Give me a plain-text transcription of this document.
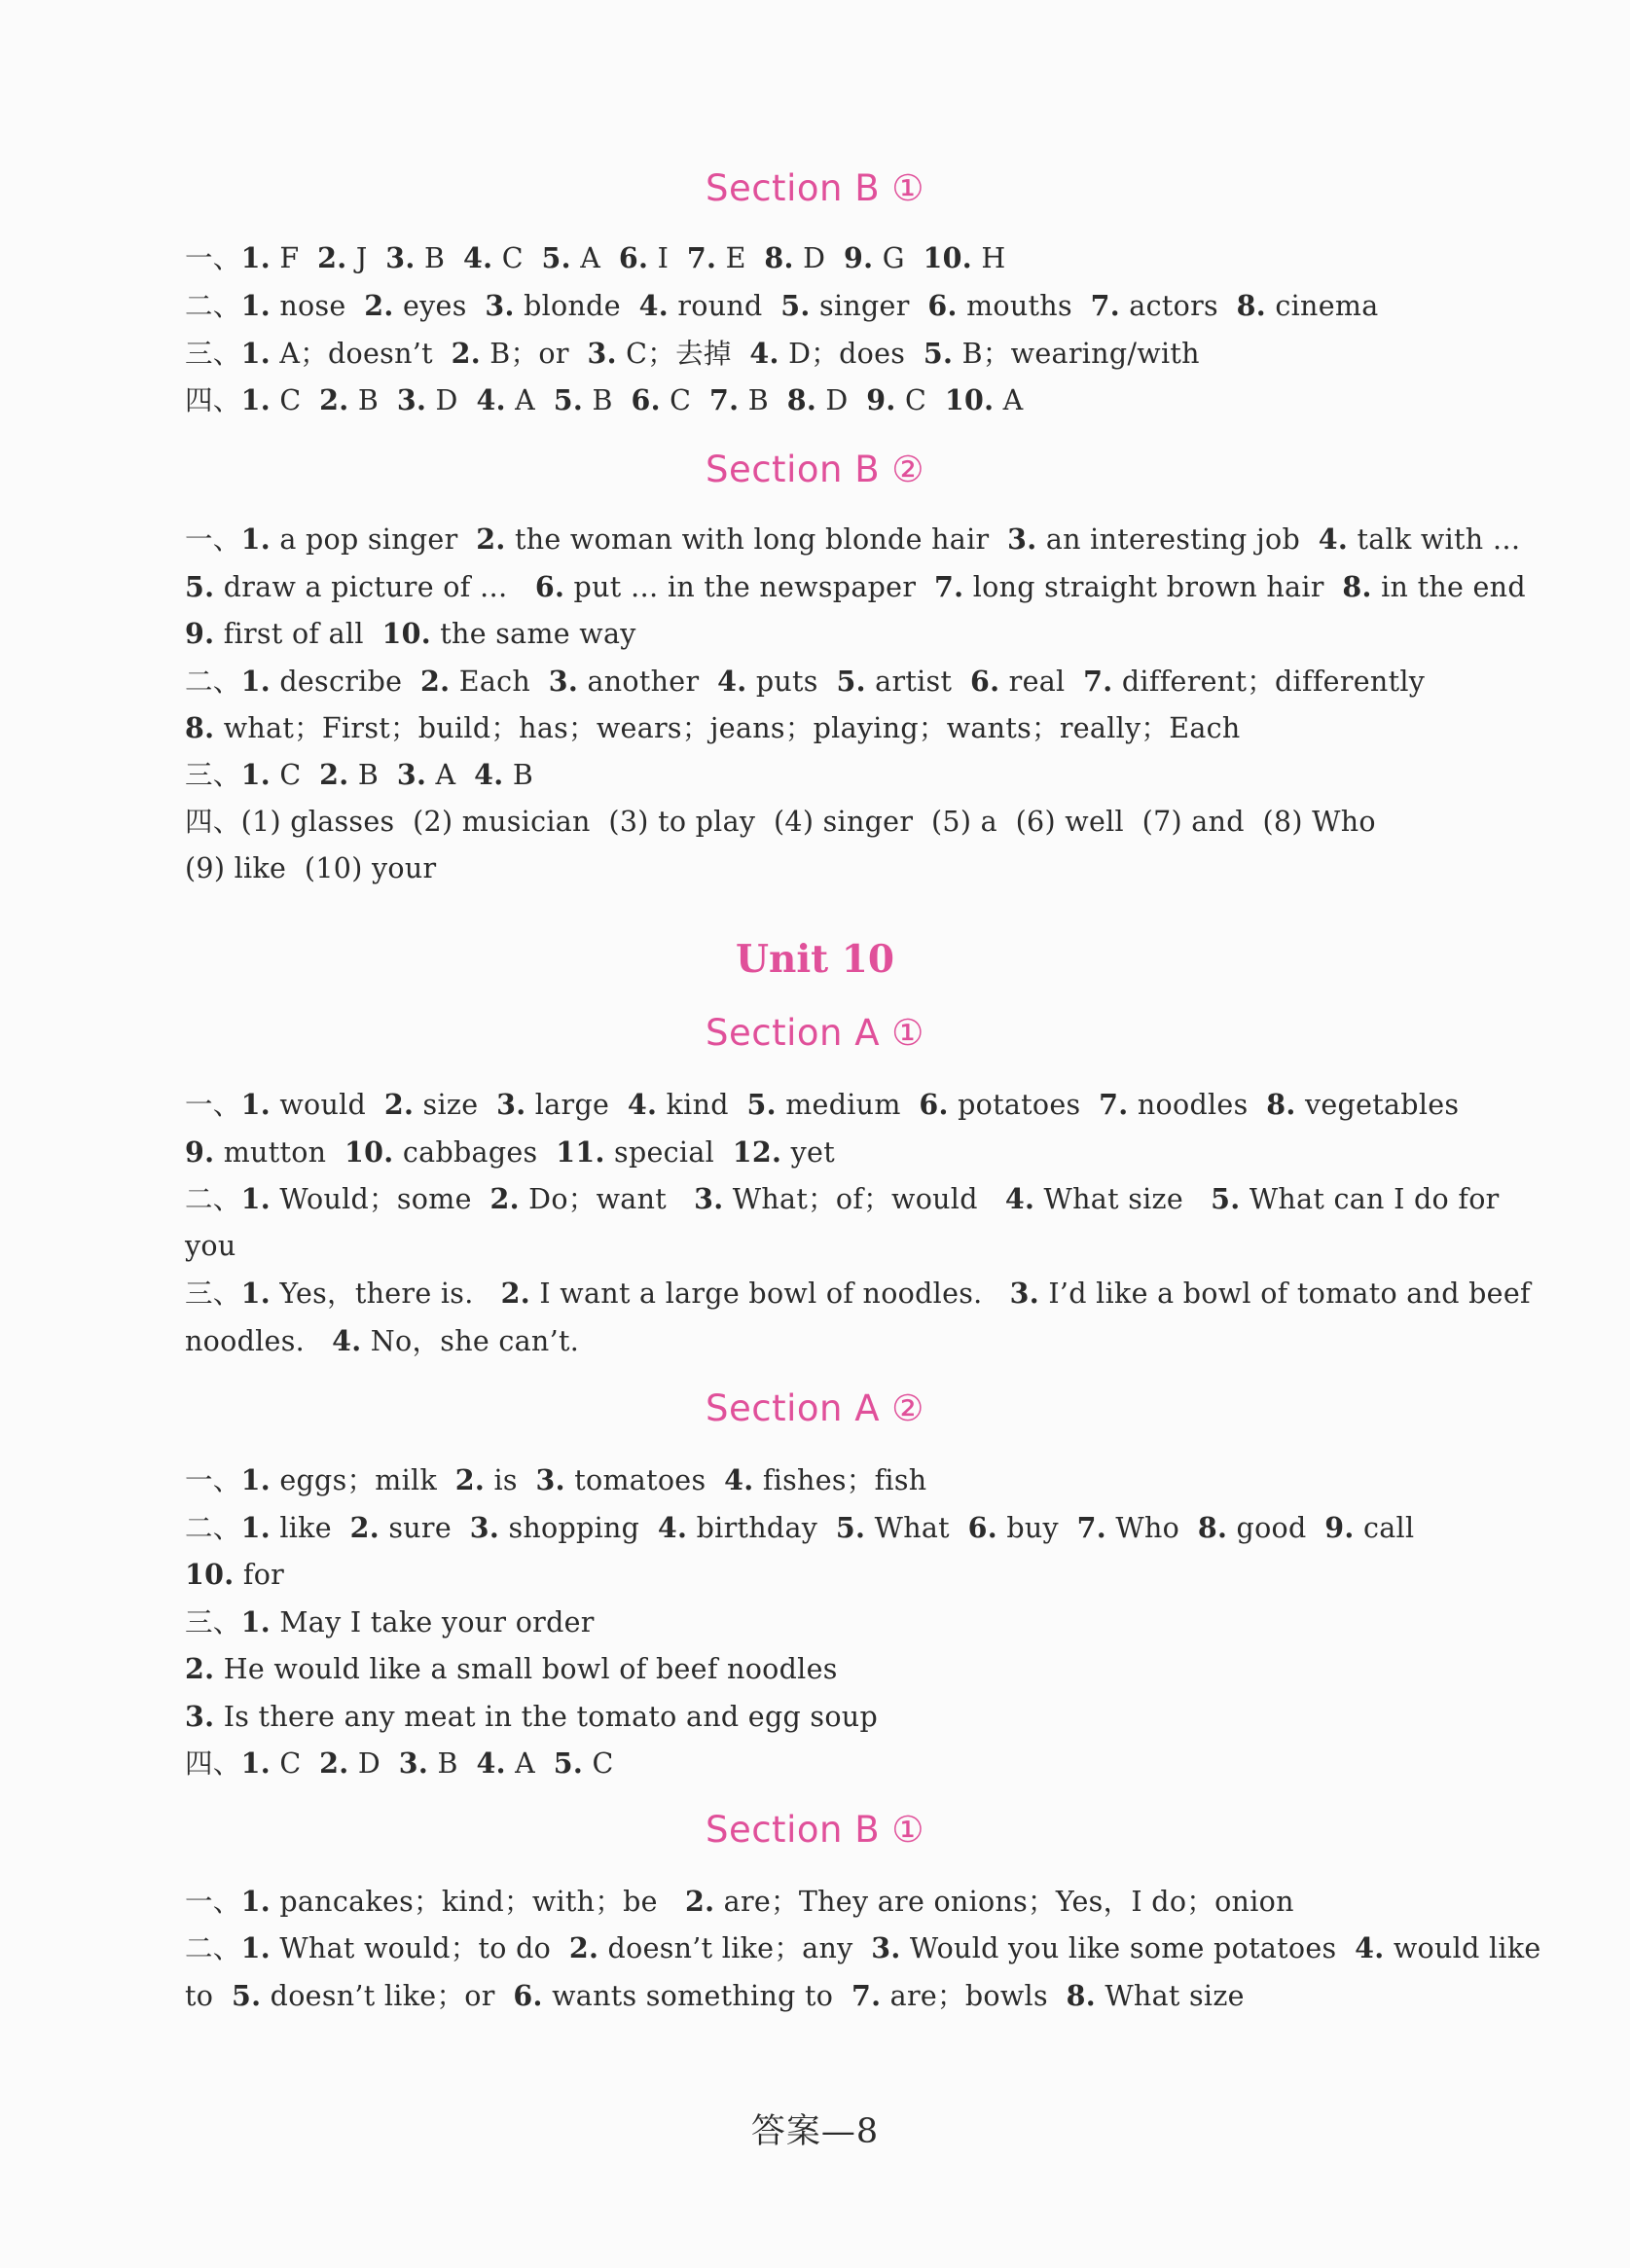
Section B ①
一、1. F  2. J  3. B  4. C  5. A  6. I  7. E  8. D  9. G  10. H
二、1. nose  2. eyes  3. blonde  4. round  5. singer  6. mouths  7. actors  8. cinema
三、1. A；doesn’t  2. B；or  3. C；去掉  4. D；does  5. B；wearing/with
四、1. C  2. B  3. D  4. A  5. B  6. C  7. B  8. D  9. C  10. A
Section B ②
一、1. a pop singer  2. the woman with long blonde hair  3. an interesting job  4. talk with …
5. draw a picture of …   6. put … in the newspaper  7. long straight brown hair  8. in the end
9. first of all  10. the same way
二、1. describe  2. Each  3. another  4. puts  5. artist  6. real  7. different；differently
8. what；First；build；has；wears；jeans；playing；wants；really；Each
三、1. C  2. B  3. A  4. B
四、(1) glasses  (2) musician  (3) to play  (4) singer  (5) a  (6) well  (7) and  (8) Who
(9) like  (10) your
Unit 10
Section A ①
一、1. would  2. size  3. large  4. kind  5. medium  6. potatoes  7. noodles  8. vegetables
9. mutton  10. cabbages  11. special  12. yet
二、1. Would；some  2. Do；want   3. What；of；would   4. What size   5. What can I do for
you
三、1. Yes，there is.   2. I want a large bowl of noodles.   3. I’d like a bowl of tomato and beef
noodles.   4. No，she can’t.
Section A ②
一、1. eggs；milk  2. is  3. tomatoes  4. fishes；fish
二、1. like  2. sure  3. shopping  4. birthday  5. What  6. buy  7. Who  8. good  9. call
10. for
三、1. May I take your order
2. He would like a small bowl of beef noodles
3. Is there any meat in the tomato and egg soup
四、1. C  2. D  3. B  4. A  5. C
Section B ①
一、1. pancakes；kind；with；be   2. are；They are onions；Yes，I do；onion
二、1. What would；to do  2. doesn’t like；any  3. Would you like some potatoes  4. would like
to  5. doesn’t like；or  6. wants something to  7. are；bowls  8. What size
答案—8
